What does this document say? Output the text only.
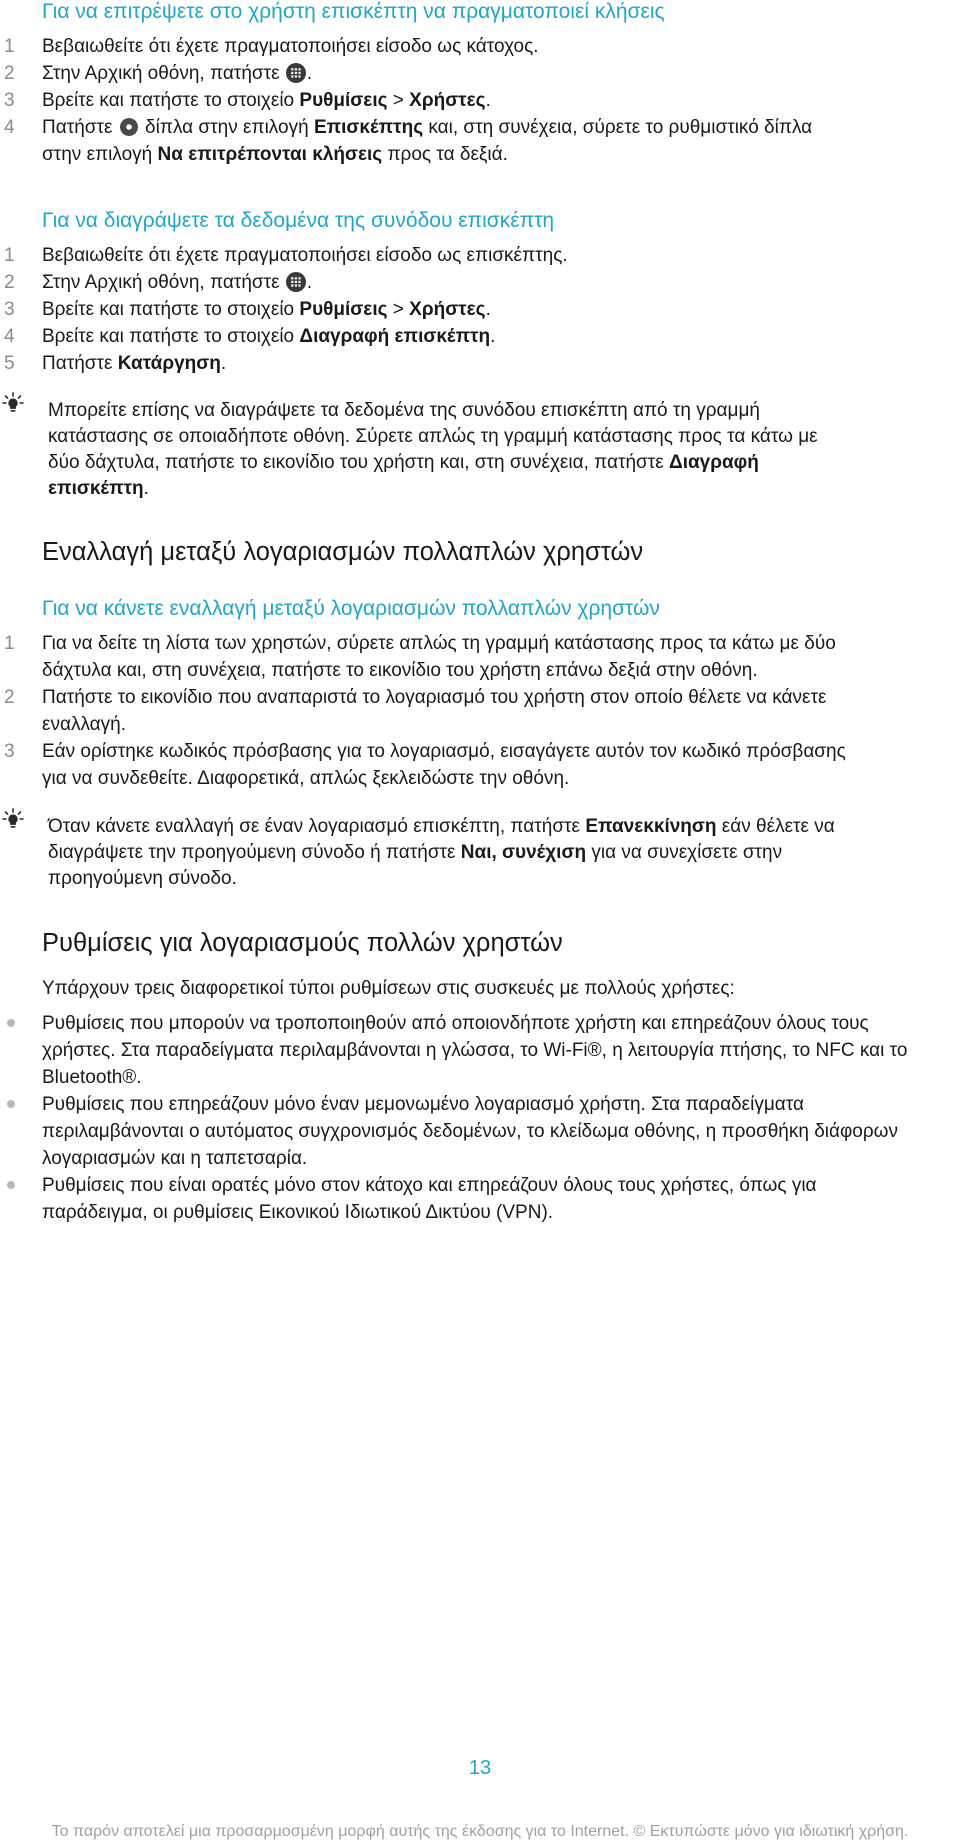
Για να επιτρέψετε στο χρήστη επισκέπτη να πραγματοποιεί κλήσεις
1	Βεβαιωθείτε ότι έχετε πραγματοποιήσει είσοδο ως κάτοχος.
2	Στην Αρχική οθόνη, πατήστε .
3	Βρείτε και πατήστε το στοιχείο Ρυθμίσεις > Χρήστες.
4	Πατήστε  δίπλα στην επιλογή Επισκέπτης και, στη συνέχεια, σύρετε το ρυθμιστικό δίπλα
στην επιλογή Να επιτρέπονται κλήσεις προς τα δεξιά.
Για να διαγράψετε τα δεδομένα της συνόδου επισκέπτη
1	Βεβαιωθείτε ότι έχετε πραγματοποιήσει είσοδο ως επισκέπτης.
2	Στην Αρχική οθόνη, πατήστε .
3	Βρείτε και πατήστε το στοιχείο Ρυθμίσεις > Χρήστες.
4	Βρείτε και πατήστε το στοιχείο Διαγραφή επισκέπτη.
5	Πατήστε Κατάργηση.
Μπορείτε επίσης να διαγράψετε τα δεδομένα της συνόδου επισκέπτη από τη γραμμή
κατάστασης σε οποιαδήποτε οθόνη. Σύρετε απλώς τη γραμμή κατάστασης προς τα κάτω με
δύο δάχτυλα, πατήστε το εικονίδιο του χρήστη και, στη συνέχεια, πατήστε Διαγραφή
επισκέπτη.
Εναλλαγή μεταξύ λογαριασμών πολλαπλών χρηστών
Για να κάνετε εναλλαγή μεταξύ λογαριασμών πολλαπλών χρηστών
1	Για να δείτε τη λίστα των χρηστών, σύρετε απλώς τη γραμμή κατάστασης προς τα κάτω με δύο
δάχτυλα και, στη συνέχεια, πατήστε το εικονίδιο του χρήστη επάνω δεξιά στην οθόνη.
2	Πατήστε το εικονίδιο που αναπαριστά το λογαριασμό του χρήστη στον οποίο θέλετε να κάνετε
εναλλαγή.
3	Εάν ορίστηκε κωδικός πρόσβασης για το λογαριασμό, εισαγάγετε αυτόν τον κωδικό πρόσβασης
για να συνδεθείτε. Διαφορετικά, απλώς ξεκλειδώστε την οθόνη.
Όταν κάνετε εναλλαγή σε έναν λογαριασμό επισκέπτη, πατήστε Επανεκκίνηση εάν θέλετε να
διαγράψετε την προηγούμενη σύνοδο ή πατήστε Ναι, συνέχιση για να συνεχίσετε στην
προηγούμενη σύνοδο.
Ρυθμίσεις για λογαριασμούς πολλών χρηστών
Υπάρχουν τρεις διαφορετικοί τύποι ρυθμίσεων στις συσκευές με πολλούς χρήστες:
Ρυθμίσεις που μπορούν να τροποποιηθούν από οποιονδήποτε χρήστη και επηρεάζουν όλους τους
χρήστες. Στα παραδείγματα περιλαμβάνονται η γλώσσα, το Wi-Fi®, η λειτουργία πτήσης, το NFC και το
Bluetooth®.
Ρυθμίσεις που επηρεάζουν μόνο έναν μεμονωμένο λογαριασμό χρήστη. Στα παραδείγματα
περιλαμβάνονται ο αυτόματος συγχρονισμός δεδομένων, το κλείδωμα οθόνης, η προσθήκη διάφορων
λογαριασμών και η ταπετσαρία.
Ρυθμίσεις που είναι ορατές μόνο στον κάτοχο και επηρεάζουν όλους τους χρήστες, όπως για
παράδειγμα, οι ρυθμίσεις Εικονικού Ιδιωτικού Δικτύου (VPN).
13
Το παρόν αποτελεί μια προσαρμοσμένη μορφή αυτής της έκδοσης για το Internet. © Εκτυπώστε μόνο για ιδιωτική χρήση.
